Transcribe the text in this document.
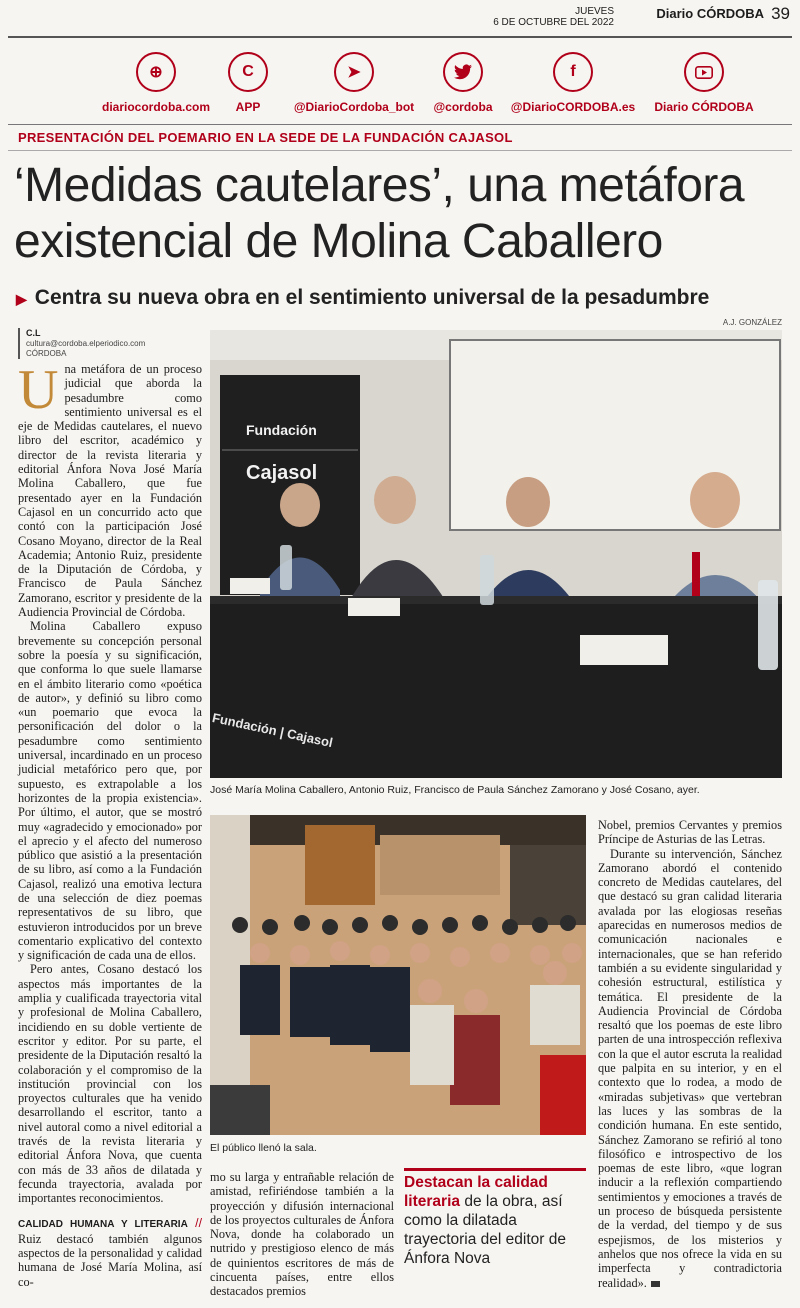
JUEVES
6 DE OCTUBRE DEL 2022
Diario CÓRDOBA 39
⊕
diariocordoba.com
C
APP
➤
@DiarioCordoba_bot	@cordoba
f
@DiarioCORDOBA.es	Diario CÓRDOBA
PRESENTACIÓN DEL POEMARIO EN LA SEDE DE LA FUNDACIÓN CAJASOL
‘Medidas cautelares’, una metáfora
existencial de Molina Caballero
▶ Centra su nueva obra en el sentimiento universal de la pesadumbre
A.J. GONZÁLEZ
C.L
cultura@cordoba.elperiodico.com
CÓRDOBA

Una metáfora de un proceso judicial que aborda la pesadumbre como sentimiento universal es el eje de Medidas cautelares, el nuevo libro del escritor, académico y director de la revista literaria y editorial Ánfora Nova José María Molina Caballero, que fue presentado ayer en la Fundación Cajasol en un concurrido acto que contó con la participación José Cosano Moyano, director de la Real Academia; Antonio Ruiz, presidente de la Diputación de Córdoba, y Francisco de Paula Sánchez Zamorano, escritor y presidente de la Audiencia Provincial de Córdoba.

Molina Caballero expuso brevemente su concepción personal sobre la poesía y su significación, que conforma lo que suele llamarse en el ámbito literario como «poética de autor», y definió su libro como «un poemario que evoca la personificación del dolor o la pesadumbre como sentimiento universal, incardinado en un proceso judicial metafórico pero que, por supuesto, es extrapolable a los horizontes de la propia existencia». Por último, el autor, que se mostró muy «agradecido y emocionado» por el aprecio y el afecto del numeroso público que asistió a la presentación de su libro, así como a la Fundación Cajasol, realizó una emotiva lectura de una selección de diez poemas representativos de su libro, que estuvieron introducidos por un breve comentario explicativo del contexto y significación de cada una de ellos.

Pero antes, Cosano destacó los aspectos más importantes de la amplia y cualificada trayectoria vital y profesional de Molina Caballero, incidiendo en su doble vertiente de escritor y editor. Por su parte, el presidente de la Diputación resaltó la colaboración y el compromiso de la institución provincial con los proyectos culturales que ha venido desarrollando el escritor, tanto a nivel autoral como a nivel editorial a través de la revista literaria y editorial Ánfora Nova, que cuenta con más de 33 años de dilatada y fecunda trayectoria, avalada por importantes reconocimientos.

CALIDAD HUMANA Y LITERARIA // Ruiz destacó también algunos aspectos de la personalidad y calidad humana de José María Molina, así co-

Fundación
Cajasol
Fundación | Cajasol
José María Molina Caballero, Antonio Ruiz, Francisco de Paula Sánchez Zamorano y José Cosano, ayer.
El público llenó la sala.

mo su larga y entrañable relación de amistad, refiriéndose también a la proyección y difusión internacional de los proyectos culturales de Ánfora Nova, donde ha colaborado un nutrido y prestigioso elenco de más de quinientos escritores de más de cincuenta países, entre ellos destacados premios

Destacan la calidad literaria de la obra, así como la dilatada trayectoria del editor de Ánfora Nova

Nobel, premios Cervantes y premios Príncipe de Asturias de las Letras.

Durante su intervención, Sánchez Zamorano abordó el contenido concreto de Medidas cautelares, del que destacó su gran calidad literaria avalada por las elogiosas reseñas aparecidas en numerosos medios de comunicación nacionales e internacionales, que se han referido también a su evidente singularidad y cohesión estructural, estilística y temática. El presidente de la Audiencia Provincial de Córdoba resaltó que los poemas de este libro parten de una introspección reflexiva con la que el autor escruta la realidad que palpita en su interior, y en el contexto que lo rodea, a modo de «miradas subjetivas» que vertebran las luces y las sombras de la condición humana. En este sentido, Sánchez Zamorano se refirió al tono filosófico e introspectivo de los poemas de este libro, «que logran inducir a la reflexión compartiendo sentimientos y emociones a través de un proceso de búsqueda persistente de la verdad, del tiempo y de sus espejismos, de los misterios y anhelos que nos ofrece la vida en su imperfecta y contradictoria realidad».
